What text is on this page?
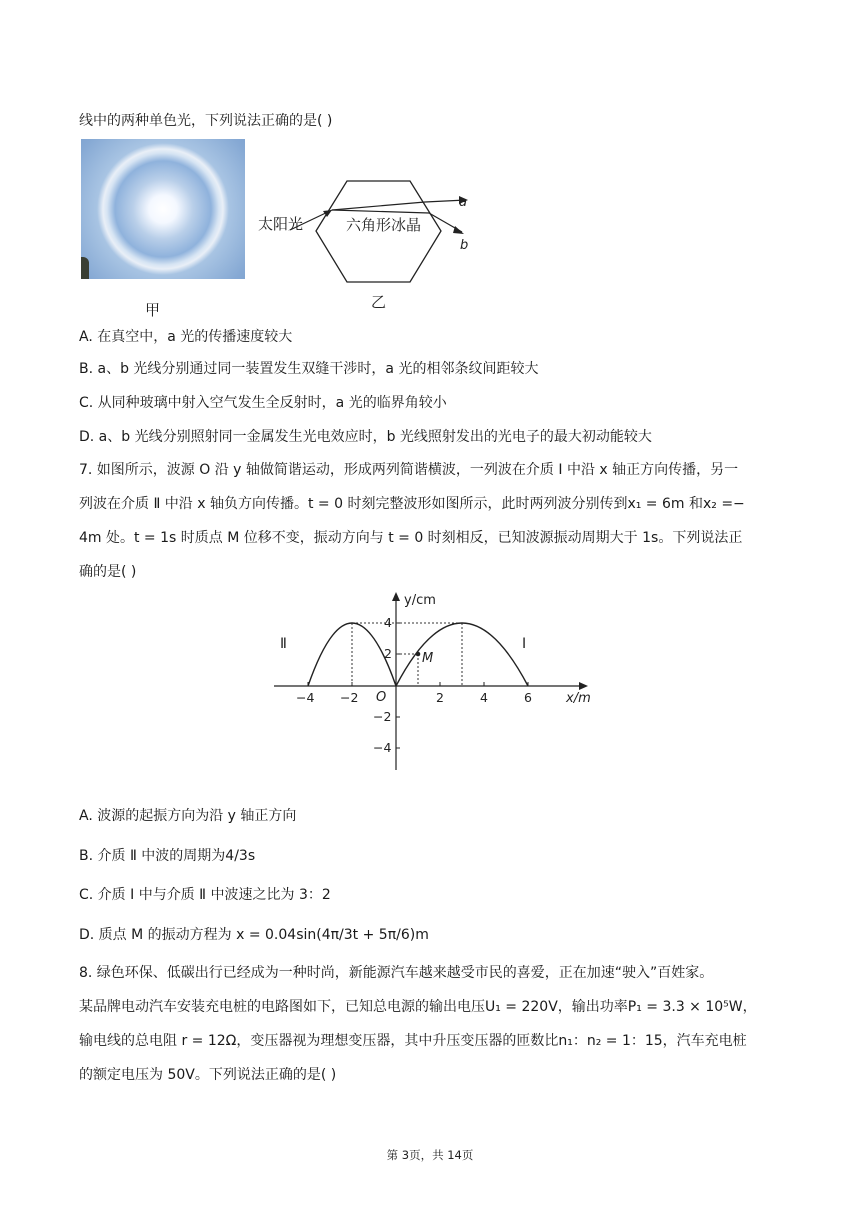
线中的两种单色光，下列说法正确的是( )
甲
太阳光	六角形冰晶
a
b
乙
A. 在真空中，a 光的传播速度较大
B. a、b 光线分别通过同一装置发生双缝干涉时，a 光的相邻条纹间距较大
C. 从同种玻璃中射入空气发生全反射时，a 光的临界角较小
D. a、b 光线分别照射同一金属发生光电效应时，b 光线照射发出的光电子的最大初动能较大
7. 如图所示，波源 O 沿 y 轴做简谐运动，形成两列简谐横波，一列波在介质 Ⅰ 中沿 x 轴正方向传播，另一
列波在介质 Ⅱ 中沿 x 轴负方向传播。t = 0 时刻完整波形如图所示，此时两列波分别传到x₁ = 6m 和x₂ =−
4m 处。t = 1s 时质点 M 位移不变，振动方向与 t = 0 时刻相反，已知波源振动周期大于 1s。下列说法正
确的是( )
y/cm
x/m
O
Ⅰ
Ⅱ
M
−4 −2	2	4	6
4
2
−2
−4
A. 波源的起振方向为沿 y 轴正方向
B. 介质 Ⅱ 中波的周期为4/3s
C. 介质 Ⅰ 中与介质 Ⅱ 中波速之比为 3：2
D. 质点 M 的振动方程为 x = 0.04sin(4π/3t + 5π/6)m
8. 绿色环保、低碳出行已经成为一种时尚，新能源汽车越来越受市民的喜爱，正在加速“驶入”百姓家。
某品牌电动汽车安装充电桩的电路图如下，已知总电源的输出电压U₁ = 220V，输出功率P₁ = 3.3 × 10⁵W，
输电线的总电阻 r = 12Ω，变压器视为理想变压器，其中升压变压器的匝数比n₁：n₂ = 1：15，汽车充电桩
的额定电压为 50V。下列说法正确的是( )
第 3页，共 14页
